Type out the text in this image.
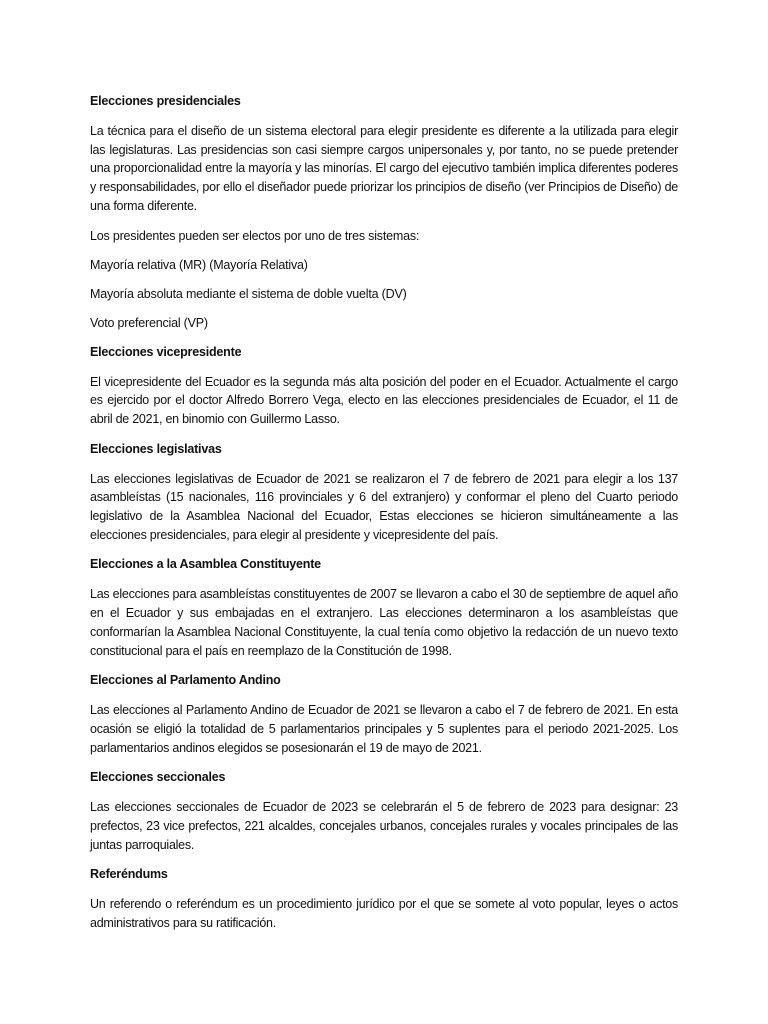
Elecciones presidenciales
La técnica para el diseño de un sistema electoral para elegir presidente es diferente a la utilizada para elegir las legislaturas. Las presidencias son casi siempre cargos unipersonales y, por tanto, no se puede pretender una proporcionalidad entre la mayoría y las minorías. El cargo del ejecutivo también implica diferentes poderes y responsabilidades, por ello el diseñador puede priorizar los principios de diseño (ver Principios de Diseño) de una forma diferente.
Los presidentes pueden ser electos por uno de tres sistemas:
Mayoría relativa (MR) (Mayoría Relativa)
Mayoría absoluta mediante el sistema de doble vuelta (DV)
Voto preferencial (VP)
Elecciones vicepresidente
El vicepresidente del Ecuador es la segunda más alta posición del poder en el Ecuador. Actualmente el cargo es ejercido por el doctor Alfredo Borrero Vega, electo en las elecciones presidenciales de Ecuador, el 11 de abril de 2021, en binomio con Guillermo Lasso.
Elecciones legislativas
Las elecciones legislativas de Ecuador de 2021 se realizaron el 7 de febrero de 2021 para elegir a los 137 asambleístas (15 nacionales, 116 provinciales y 6 del extranjero) y conformar el pleno del Cuarto periodo legislativo de la Asamblea Nacional del Ecuador, Estas elecciones se hicieron simultáneamente a las elecciones presidenciales, para elegir al presidente y vicepresidente del país.
Elecciones a la Asamblea Constituyente
Las elecciones para asambleístas constituyentes de 2007 se llevaron a cabo el 30 de septiembre de aquel año en el Ecuador y sus embajadas en el extranjero. Las elecciones determinaron a los asambleístas que conformarían la Asamblea Nacional Constituyente, la cual tenía como objetivo la redacción de un nuevo texto constitucional para el país en reemplazo de la Constitución de 1998.
Elecciones al Parlamento Andino
Las elecciones al Parlamento Andino de Ecuador de 2021 se llevaron a cabo el 7 de febrero de 2021. En esta ocasión se eligió la totalidad de 5 parlamentarios principales y 5 suplentes para el periodo 2021-2025. Los parlamentarios andinos elegidos se posesionarán el 19 de mayo de 2021.
Elecciones seccionales
Las elecciones seccionales de Ecuador de 2023 se celebrarán el 5 de febrero de 2023 para designar: 23 prefectos, 23 vice prefectos, 221 alcaldes, concejales urbanos, concejales rurales y vocales principales de las juntas parroquiales.
Referéndums
Un referendo o referéndum es un procedimiento jurídico por el que se somete al voto popular, leyes o actos administrativos para su ratificación.
